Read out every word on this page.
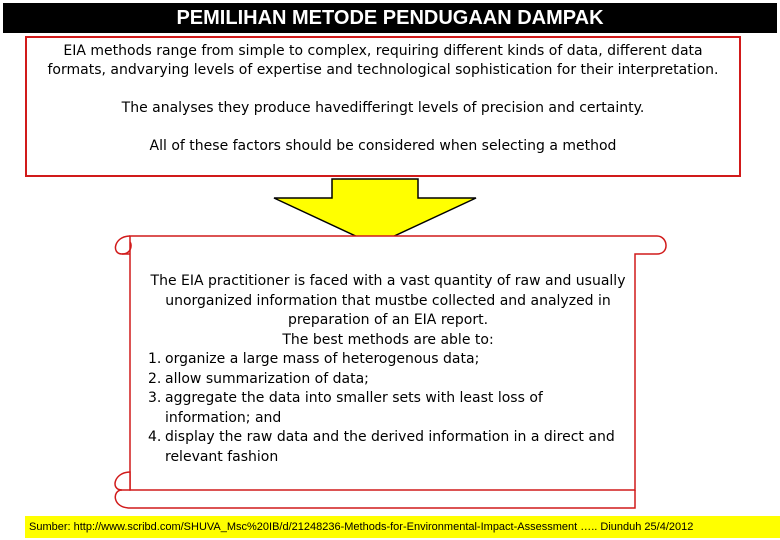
PEMILIHAN METODE PENDUGAAN DAMPAK

EIA methods range from simple to complex, requiring different kinds of data, different data formats, andvarying levels of expertise and technological sophistication for their interpretation.

The analyses they produce havedifferingt levels of precision and certainty.

All of these factors should be considered when selecting a method

The EIA practitioner is faced with a vast quantity of raw and usually unorganized information that mustbe collected and analyzed in preparation of an EIA report.

The best methods are able to:

1. organize a large mass of heterogenous data;
2. allow summarization of data;
3. aggregate the data into smaller sets with least loss of information; and
4. display the raw data and the derived information in a direct and relevant fashion
Sumber: http://www.scribd.com/SHUVA_Msc%20IB/d/21248236-Methods-for-Environmental-Impact-Assessment ….. Diunduh 25/4/2012
